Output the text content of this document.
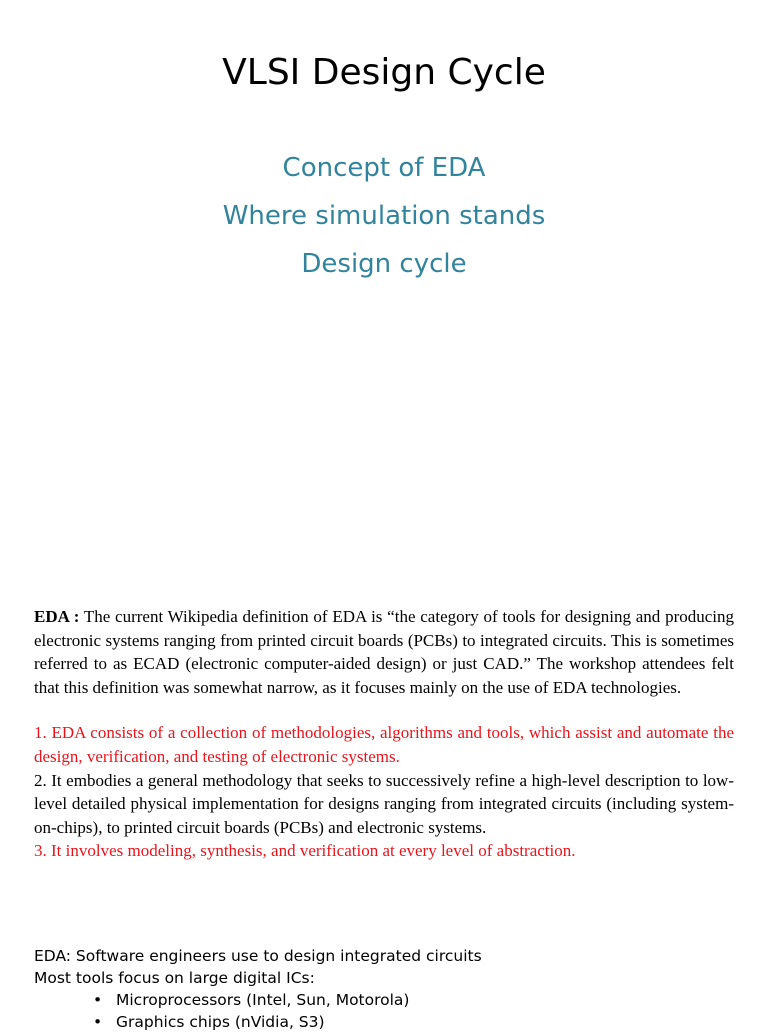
VLSI Design Cycle
Concept of EDA
Where simulation stands
Design cycle

EDA : The current Wikipedia definition of EDA is “the category of tools for designing and producing electronic systems ranging from printed circuit boards (PCBs) to integrated circuits. This is sometimes referred to as ECAD (electronic computer-aided design) or just CAD.” The workshop attendees felt that this definition was somewhat narrow, as it focuses mainly on the use of EDA technologies.

1. EDA consists of a collection of methodologies, algorithms and tools, which assist and automate the design, verification, and testing of electronic systems.

2. It embodies a general methodology that seeks to successively refine a high-level description to low-level detailed physical implementation for designs ranging from integrated circuits (including system-on-chips), to printed circuit boards (PCBs) and electronic systems.

3. It involves modeling, synthesis, and verification at every level of abstraction.

EDA: Software engineers use to design integrated circuits

Most tools focus on large digital ICs:

• Microprocessors (Intel, Sun, Motorola)
• Graphics chips (nVidia, S3)
